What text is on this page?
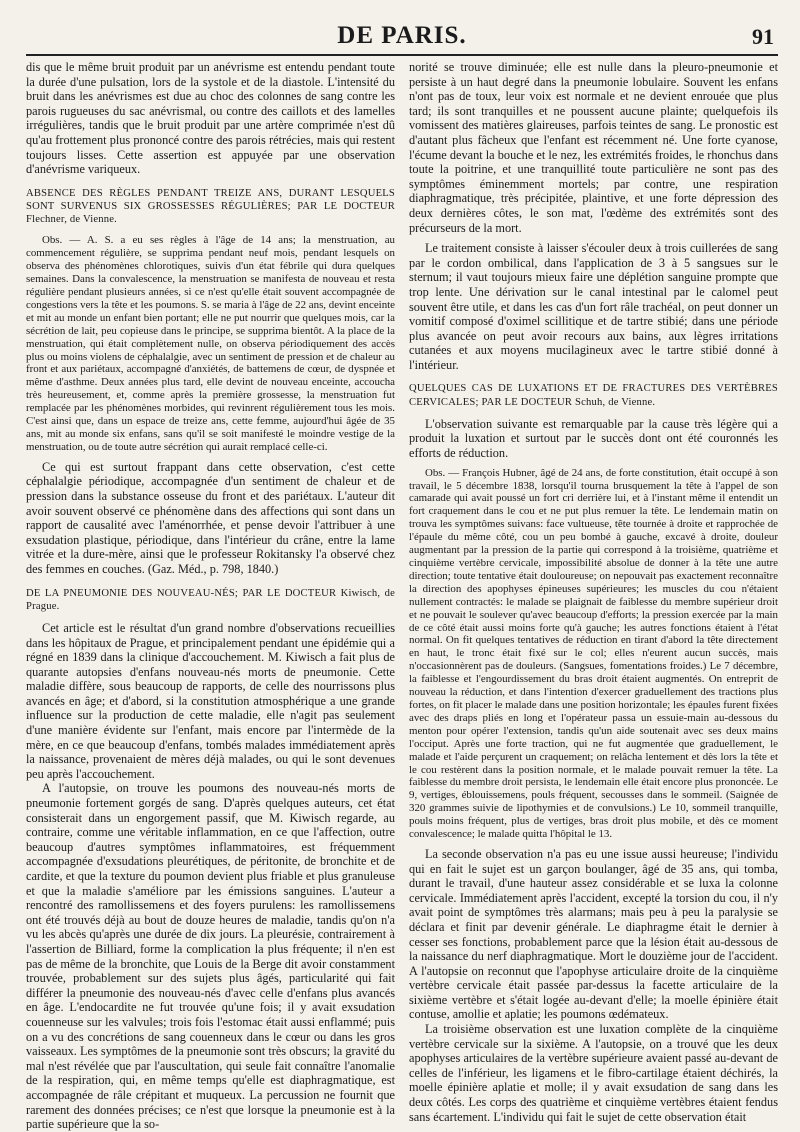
DE PARIS.	91

dis que le même bruit produit par un anévrisme est entendu pendant toute la durée d'une pulsation, lors de la systole et de la diastole. L'intensité du bruit dans les anévrismes est due au choc des colonnes de sang contre les parois rugueuses du sac anévrismal, ou contre des caillots et des lamelles irrégulières, tandis que le bruit produit par une artère comprimée n'est dû qu'au frottement plus prononcé contre des parois rétrécies, mais qui restent toujours lisses. Cette assertion est appuyée par une observation d'anévrisme variqueux.

ABSENCE DES RÈGLES PENDANT TREIZE ANS, DURANT LESQUELS SONT SURVENUS SIX GROSSESSES RÉGULIÈRES; PAR LE DOCTEUR Flechner, de Vienne.

Obs. — A. S. a eu ses règles à l'âge de 14 ans; la menstruation, au commencement régulière, se supprima pendant neuf mois, pendant lesquels on observa des phénomènes chlorotiques, suivis d'un état fébrile qui dura quelques semaines. Dans la convalescence, la menstruation se manifesta de nouveau et resta régulière pendant plusieurs années, si ce n'est qu'elle était souvent accompagnée de congestions vers la tête et les poumons. S. se maria à l'âge de 22 ans, devint enceinte et mit au monde un enfant bien portant; elle ne put nourrir que quelques mois, car la sécrétion de lait, peu copieuse dans le principe, se supprima bientôt. A la place de la menstruation, qui était complètement nulle, on observa périodiquement des accès plus ou moins violens de céphalalgie, avec un sentiment de pression et de chaleur au front et aux pariétaux, accompagné d'anxiétés, de battemens de cœur, de dyspnée et même d'asthme. Deux années plus tard, elle devint de nouveau enceinte, accoucha très heureusement, et, comme après la première grossesse, la menstruation fut remplacée par les phénomènes morbides, qui revinrent régulièrement tous les mois. C'est ainsi que, dans un espace de treize ans, cette femme, aujourd'hui âgée de 35 ans, mit au monde six enfans, sans qu'il se soit manifesté le moindre vestige de la menstruation, ou de toute autre sécrétion qui aurait remplacé celle-ci.

Ce qui est surtout frappant dans cette observation, c'est cette céphalalgie périodique, accompagnée d'un sentiment de chaleur et de pression dans la substance osseuse du front et des pariétaux. L'auteur dit avoir souvent observé ce phénomène dans des affections qui sont dans un rapport de causalité avec l'aménorrhée, et pense devoir l'attribuer à une exsudation plastique, périodique, dans l'intérieur du crâne, entre la lame vitrée et la dure-mère, ainsi que le professeur Rokitansky l'a observé chez des femmes en couches. (Gaz. Méd., p. 798, 1840.)

DE LA PNEUMONIE DES NOUVEAU-NÉS; PAR LE DOCTEUR Kiwisch, de Prague.

Cet article est le résultat d'un grand nombre d'observations recueillies dans les hôpitaux de Prague, et principalement pendant une épidémie qui a régné en 1839 dans la clinique d'accouchement. M. Kiwisch a fait plus de quarante autopsies d'enfans nouveau-nés morts de pneumonie. Cette maladie diffère, sous beaucoup de rapports, de celle des nourrissons plus avancés en âge; et d'abord, si la constitution atmosphérique a une grande influence sur la production de cette maladie, elle n'agit pas seulement d'une manière évidente sur l'enfant, mais encore par l'intermède de la mère, en ce que beaucoup d'enfans, tombés malades immédiatement après la naissance, provenaient de mères déjà malades, ou qui le sont devenues peu après l'accouchement.

A l'autopsie, on trouve les poumons des nouveau-nés morts de pneumonie fortement gorgés de sang. D'après quelques auteurs, cet état consisterait dans un engorgement passif, que M. Kiwisch regarde, au contraire, comme une véritable inflammation, en ce que l'affection, outre beaucoup d'autres symptômes inflammatoires, est fréquemment accompagnée d'exsudations pleurétiques, de péritonite, de bronchite et de cardite, et que la texture du poumon devient plus friable et plus granuleuse et que la maladie s'améliore par les émissions sanguines. L'auteur a rencontré des ramollissemens et des foyers purulens: les ramollissemens ont été trouvés déjà au bout de douze heures de maladie, tandis qu'on n'a vu les abcès qu'après une durée de dix jours. La pleurésie, contrairement à l'assertion de Billiard, forme la complication la plus fréquente; il n'en est pas de même de la bronchite, que Louis de la Berge dit avoir constamment trouvée, probablement sur des sujets plus âgés, particularité qui fait différer la pneumonie des nouveau-nés d'avec celle d'enfans plus avancés en âge. L'endocardite ne fut trouvée qu'une fois; il y avait exsudation couenneuse sur les valvules; trois fois l'estomac était aussi enflammé; puis on a vu des concrétions de sang couenneux dans le cœur ou dans les gros vaisseaux. Les symptômes de la pneumonie sont très obscurs; la gravité du mal n'est révélée que par l'auscultation, qui seule fait connaître l'anomalie de la respiration, qui, en même temps qu'elle est diaphragmatique, est accompagnée de râle crépitant et muqueux. La percussion ne fournit que rarement des données précises; ce n'est que lorsque la pneumonie est à la partie supérieure que la so-

norité se trouve diminuée; elle est nulle dans la pleuro-pneumonie et persiste à un haut degré dans la pneumonie lobulaire. Souvent les enfans n'ont pas de toux, leur voix est normale et ne devient enrouée que plus tard; ils sont tranquilles et ne poussent aucune plainte; quelquefois ils vomissent des matières glaireuses, parfois teintes de sang. Le pronostic est d'autant plus fâcheux que l'enfant est récemment né. Une forte cyanose, l'écume devant la bouche et le nez, les extrémités froides, le rhonchus dans toute la poitrine, et une tranquillité toute particulière ne sont pas des symptômes éminemment mortels; par contre, une respiration diaphragmatique, très précipitée, plaintive, et une forte dépression des deux dernières côtes, le son mat, l'œdème des extrémités sont des précurseurs de la mort.

Le traitement consiste à laisser s'écouler deux à trois cuillerées de sang par le cordon ombilical, dans l'application de 3 à 5 sangsues sur le sternum; il vaut toujours mieux faire une déplétion sanguine prompte que trop lente. Une dérivation sur le canal intestinal par le calomel peut souvent être utile, et dans les cas d'un fort râle trachéal, on peut donner un vomitif composé d'oximel scillitique et de tartre stibié; dans une période plus avancée on peut avoir recours aux bains, aux lègres irritations cutanées et aux moyens mucilagineux avec le tartre stibié donné à l'intérieur.

QUELQUES CAS DE LUXATIONS ET DE FRACTURES DES VERTÈBRES CERVICALES; PAR LE DOCTEUR Schuh, de Vienne.

L'observation suivante est remarquable par la cause très légère qui a produit la luxation et surtout par le succès dont ont été couronnés les efforts de réduction.

Obs. — François Hubner, âgé de 24 ans, de forte constitution, était occupé à son travail, le 5 décembre 1838, lorsqu'il tourna brusquement la tête à l'appel de son camarade qui avait poussé un fort cri derrière lui, et à l'instant même il entendit un fort craquement dans le cou et ne put plus remuer la tête. Le lendemain matin on trouva les symptômes suivans: face vultueuse, tête tournée à droite et rapprochée de l'épaule du même côté, cou un peu bombé à gauche, excavé à droite, douleur augmentant par la pression de la partie qui correspond à la troisième, quatrième et cinquième vertèbre cervicale, impossibilité absolue de donner à la tête une autre direction; toute tentative était douloureuse; on nepouvait pas exactement reconnaître la direction des apophyses épineuses supérieures; les muscles du cou n'étaient nullement contractés: le malade se plaignait de faiblesse du membre supérieur droit et ne pouvait le soulever qu'avec beaucoup d'efforts; la pression exercée par la main de ce côté était aussi moins forte qu'à gauche; les autres fonctions étaient à l'état normal. On fit quelques tentatives de réduction en tirant d'abord la tête directement en haut, le tronc était fixé sur le col; elles n'eurent aucun succès, mais n'occasionnèrent pas de douleurs. (Sangsues, fomentations froides.) Le 7 décembre, la faiblesse et l'engourdissement du bras droit étaient augmentés. On entreprit de nouveau la réduction, et dans l'intention d'exercer graduellement des tractions plus fortes, on fit placer le malade dans une position horizontale; les épaules furent fixées avec des draps pliés en long et l'opérateur passa un essuie-main au-dessous du menton pour opérer l'extension, tandis qu'un aide soutenait avec ses deux mains l'occiput. Après une forte traction, qui ne fut augmentée que graduellement, le malade et l'aide perçurent un craquement; on relâcha lentement et dès lors la tête et le cou restèrent dans la position normale, et le malade pouvait remuer la tête. La faiblesse du membre droit persista, le lendemain elle était encore plus prononcée. Le 9, vertiges, éblouissemens, pouls fréquent, secousses dans le sommeil. (Saignée de 320 grammes suivie de lipothymies et de convulsions.) Le 10, sommeil tranquille, pouls moins fréquent, plus de vertiges, bras droit plus mobile, et dès ce moment convalescence; le malade quitta l'hôpital le 13.

La seconde observation n'a pas eu une issue aussi heureuse; l'individu qui en fait le sujet est un garçon boulanger, âgé de 35 ans, qui tomba, durant le travail, d'une hauteur assez considérable et se luxa la colonne cervicale. Immédiatement après l'accident, excepté la torsion du cou, il n'y avait point de symptômes très alarmans; mais peu à peu la paralysie se déclara et finit par devenir générale. Le diaphragme était le dernier à cesser ses fonctions, probablement parce que la lésion était au-dessous de la naissance du nerf diaphragmatique. Mort le douzième jour de l'accident. A l'autopsie on reconnut que l'apophyse articulaire droite de la cinquième vertèbre cervicale était passée par-dessus la facette articulaire de la sixième vertèbre et s'était logée au-devant d'elle; la moelle épinière était contuse, amollie et aplatie; les poumons œdémateux.

La troisième observation est une luxation complète de la cinquième vertèbre cervicale sur la sixième. A l'autopsie, on a trouvé que les deux apophyses articulaires de la vertèbre supérieure avaient passé au-devant de celles de l'inférieur, les ligamens et le fibro-cartilage étaient déchirés, la moelle épinière aplatie et molle; il y avait exsudation de sang dans les deux côtés. Les corps des quatrième et cinquième vertèbres étaient fendus sans écartement. L'individu qui fait le sujet de cette observation était
